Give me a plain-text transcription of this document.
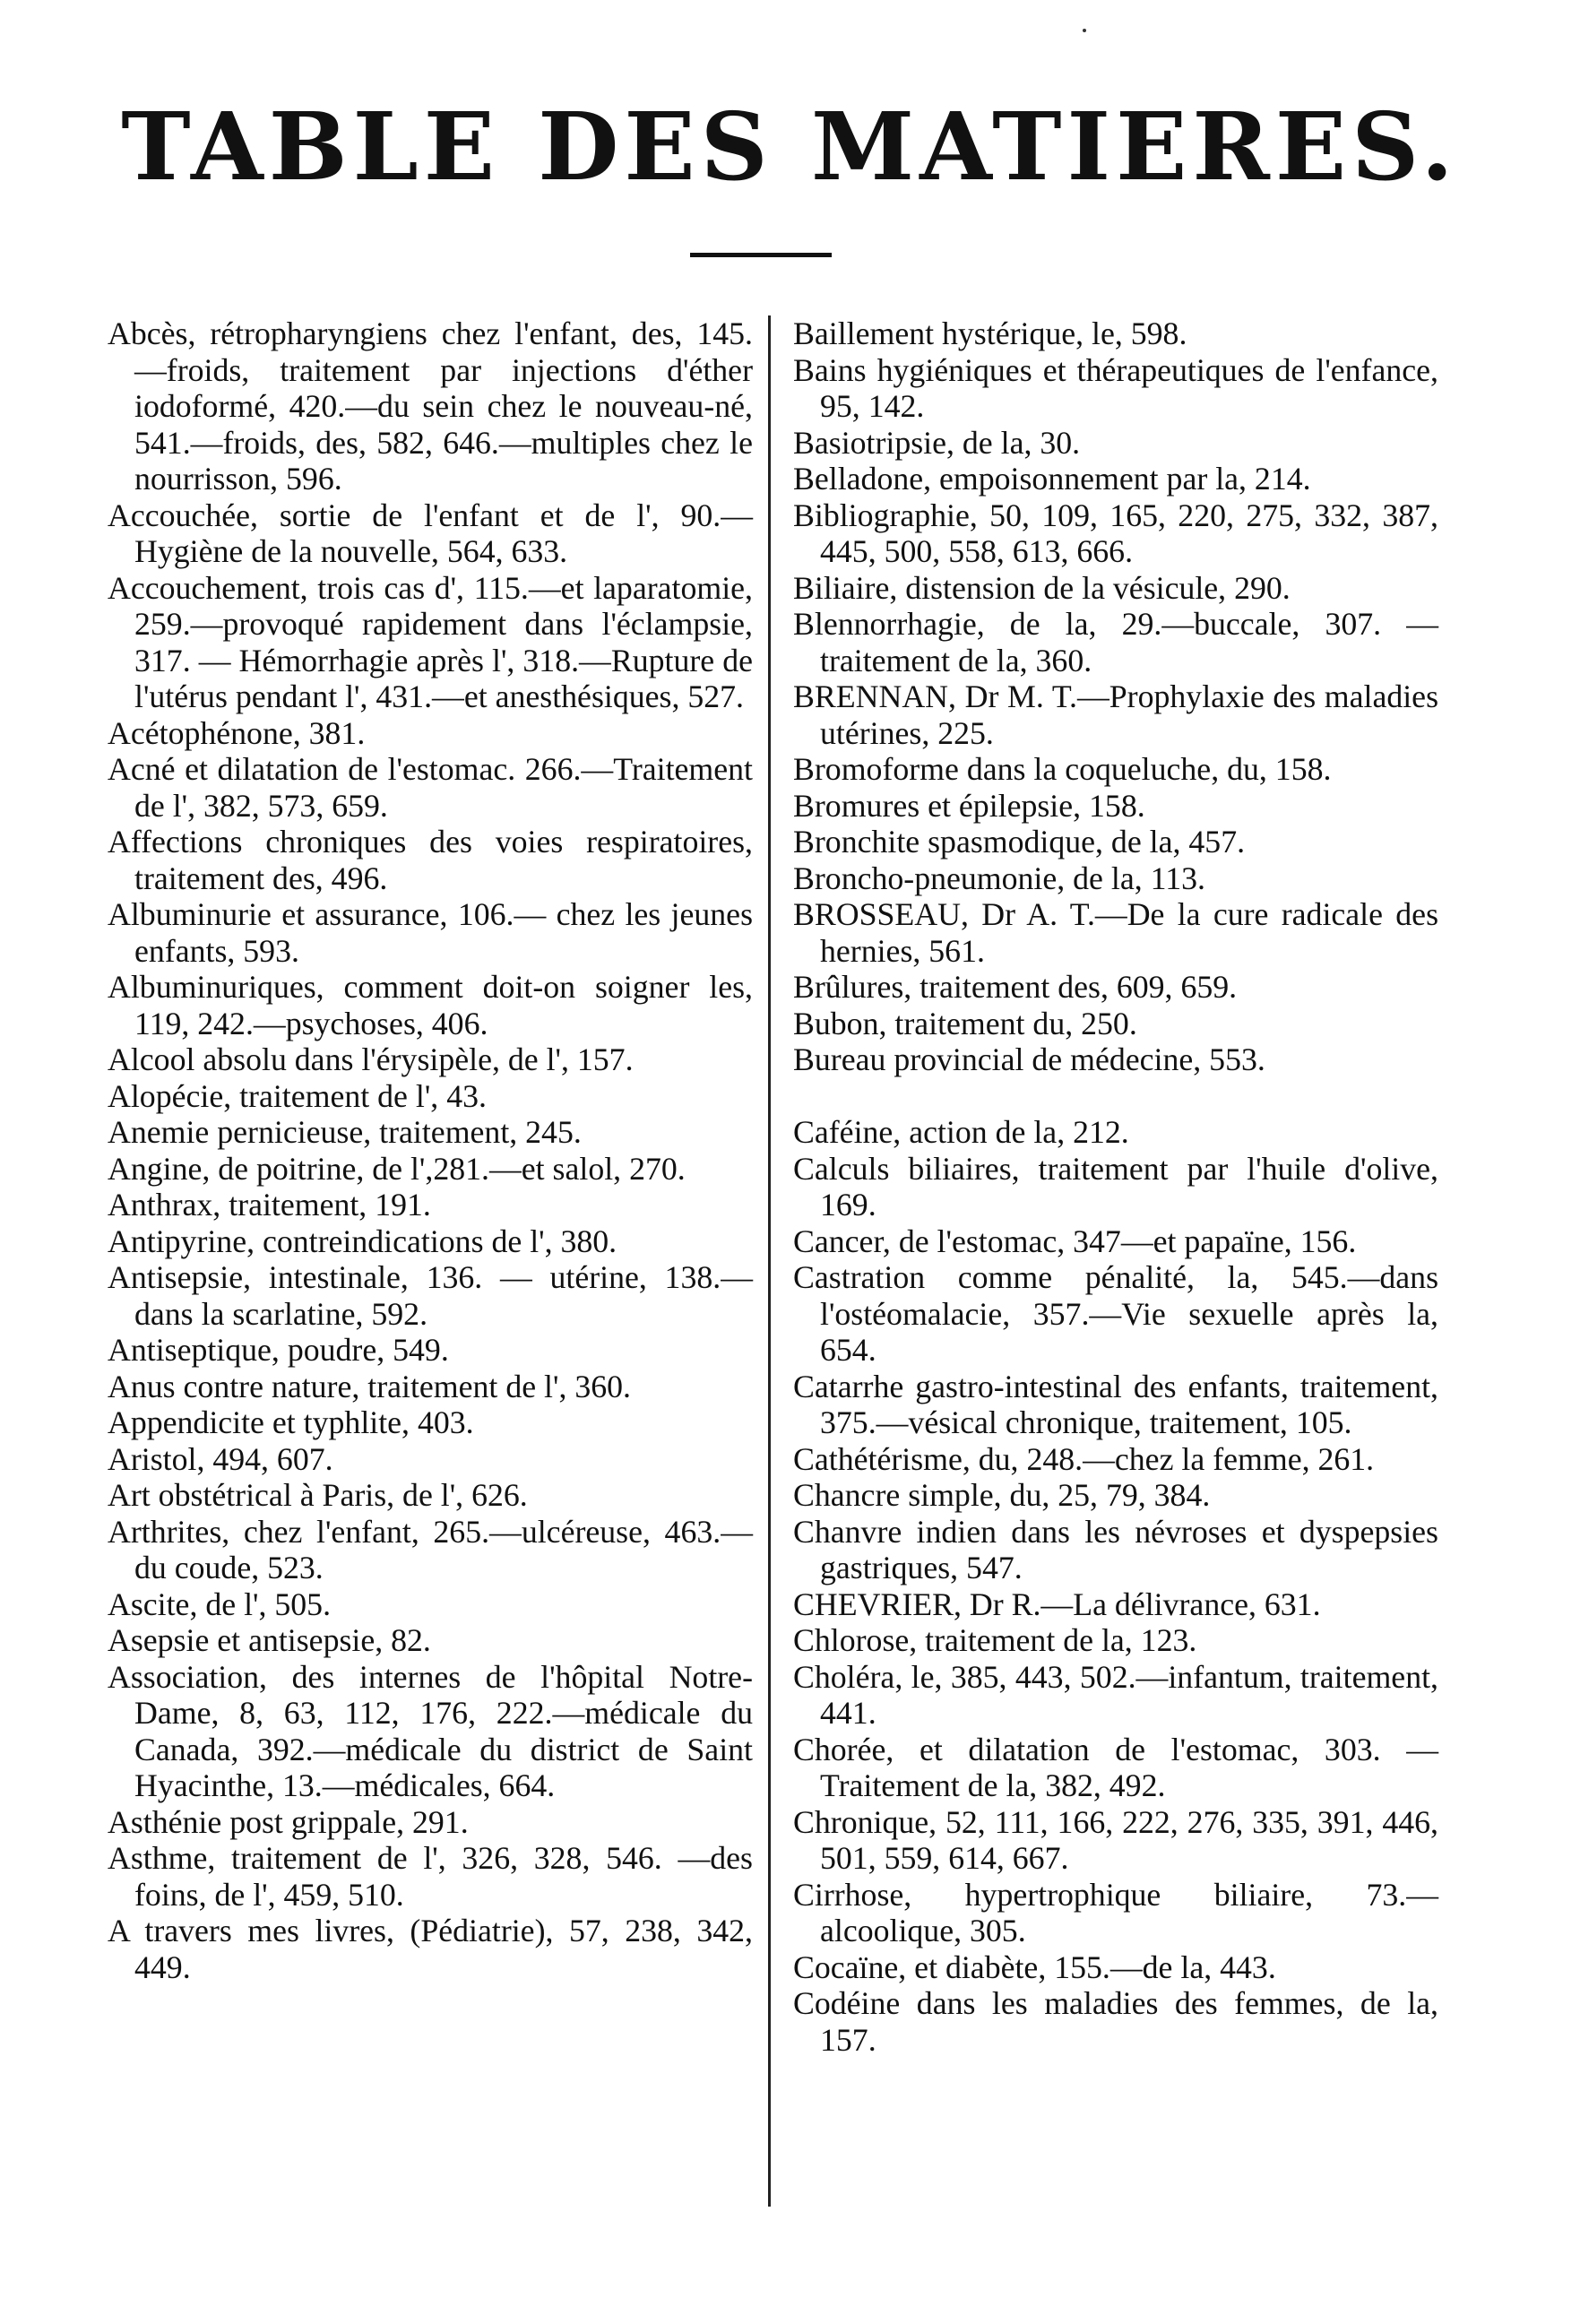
TABLE DES MATIERES.

Abcès, rétropharyngiens chez l'enfant, des, 145.—froids, traitement par injections d'éther iodoformé, 420.—du sein chez le nouveau-né, 541.—froids, des, 582, 646.—multiples chez le nourrisson, 596.

Accouchée, sortie de l'enfant et de l', 90.—Hygiène de la nouvelle, 564, 633.

Accouchement, trois cas d', 115.—et laparatomie, 259.—provoqué rapidement dans l'éclampsie, 317. — Hémorrhagie après l', 318.—Rupture de l'utérus pendant l', 431.—et anesthésiques, 527.

Acétophénone, 381.

Acné et dilatation de l'estomac. 266.—Traitement de l', 382, 573, 659.

Affections chroniques des voies respiratoires, traitement des, 496.

Albuminurie et assurance, 106.— chez les jeunes enfants, 593.

Albuminuriques, comment doit-on soigner les, 119, 242.—psychoses, 406.

Alcool absolu dans l'érysipèle, de l', 157.

Alopécie, traitement de l', 43.

Anemie pernicieuse, traitement, 245.

Angine, de poitrine, de l',281.—et salol, 270.

Anthrax, traitement, 191.

Antipyrine, contreindications de l', 380.

Antisepsie, intestinale, 136. — utérine, 138.—dans la scarlatine, 592.

Antiseptique, poudre, 549.

Anus contre nature, traitement de l', 360.

Appendicite et typhlite, 403.

Aristol, 494, 607.

Art obstétrical à Paris, de l', 626.

Arthrites, chez l'enfant, 265.—ulcéreuse, 463.—du coude, 523.

Ascite, de l', 505.

Asepsie et antisepsie, 82.

Association, des internes de l'hôpital Notre-Dame, 8, 63, 112, 176, 222.—médicale du Canada, 392.—médicale du district de Saint Hyacinthe, 13.—médicales, 664.

Asthénie post grippale, 291.

Asthme, traitement de l', 326, 328, 546. —des foins, de l', 459, 510.

A travers mes livres, (Pédiatrie), 57, 238, 342, 449.

Baillement hystérique, le, 598.

Bains hygiéniques et thérapeutiques de l'enfance, 95, 142.

Basiotripsie, de la, 30.

Belladone, empoisonnement par la, 214.

Bibliographie, 50, 109, 165, 220, 275, 332, 387, 445, 500, 558, 613, 666.

Biliaire, distension de la vésicule, 290.

Blennorrhagie, de la, 29.—buccale, 307. —traitement de la, 360.

BRENNAN, Dr M. T.—Prophylaxie des maladies utérines, 225.

Bromoforme dans la coqueluche, du, 158.

Bromures et épilepsie, 158.

Bronchite spasmodique, de la, 457.

Broncho-pneumonie, de la, 113.

BROSSEAU, Dr A. T.—De la cure radicale des hernies, 561.

Brûlures, traitement des, 609, 659.

Bubon, traitement du, 250.

Bureau provincial de médecine, 553.

Caféine, action de la, 212.

Calculs biliaires, traitement par l'huile d'olive, 169.

Cancer, de l'estomac, 347—et papaïne, 156.

Castration comme pénalité, la, 545.—dans l'ostéomalacie, 357.—Vie sexuelle après la, 654.

Catarrhe gastro-intestinal des enfants, traitement, 375.—vésical chronique, traitement, 105.

Cathétérisme, du, 248.—chez la femme, 261.

Chancre simple, du, 25, 79, 384.

Chanvre indien dans les névroses et dyspepsies gastriques, 547.

CHEVRIER, Dr R.—La délivrance, 631.

Chlorose, traitement de la, 123.

Choléra, le, 385, 443, 502.—infantum, traitement, 441.

Chorée, et dilatation de l'estomac, 303. —Traitement de la, 382, 492.

Chronique, 52, 111, 166, 222, 276, 335, 391, 446, 501, 559, 614, 667.

Cirrhose, hypertrophique biliaire, 73.—alcoolique, 305.

Cocaïne, et diabète, 155.—de la, 443.

Codéine dans les maladies des femmes, de la, 157.
